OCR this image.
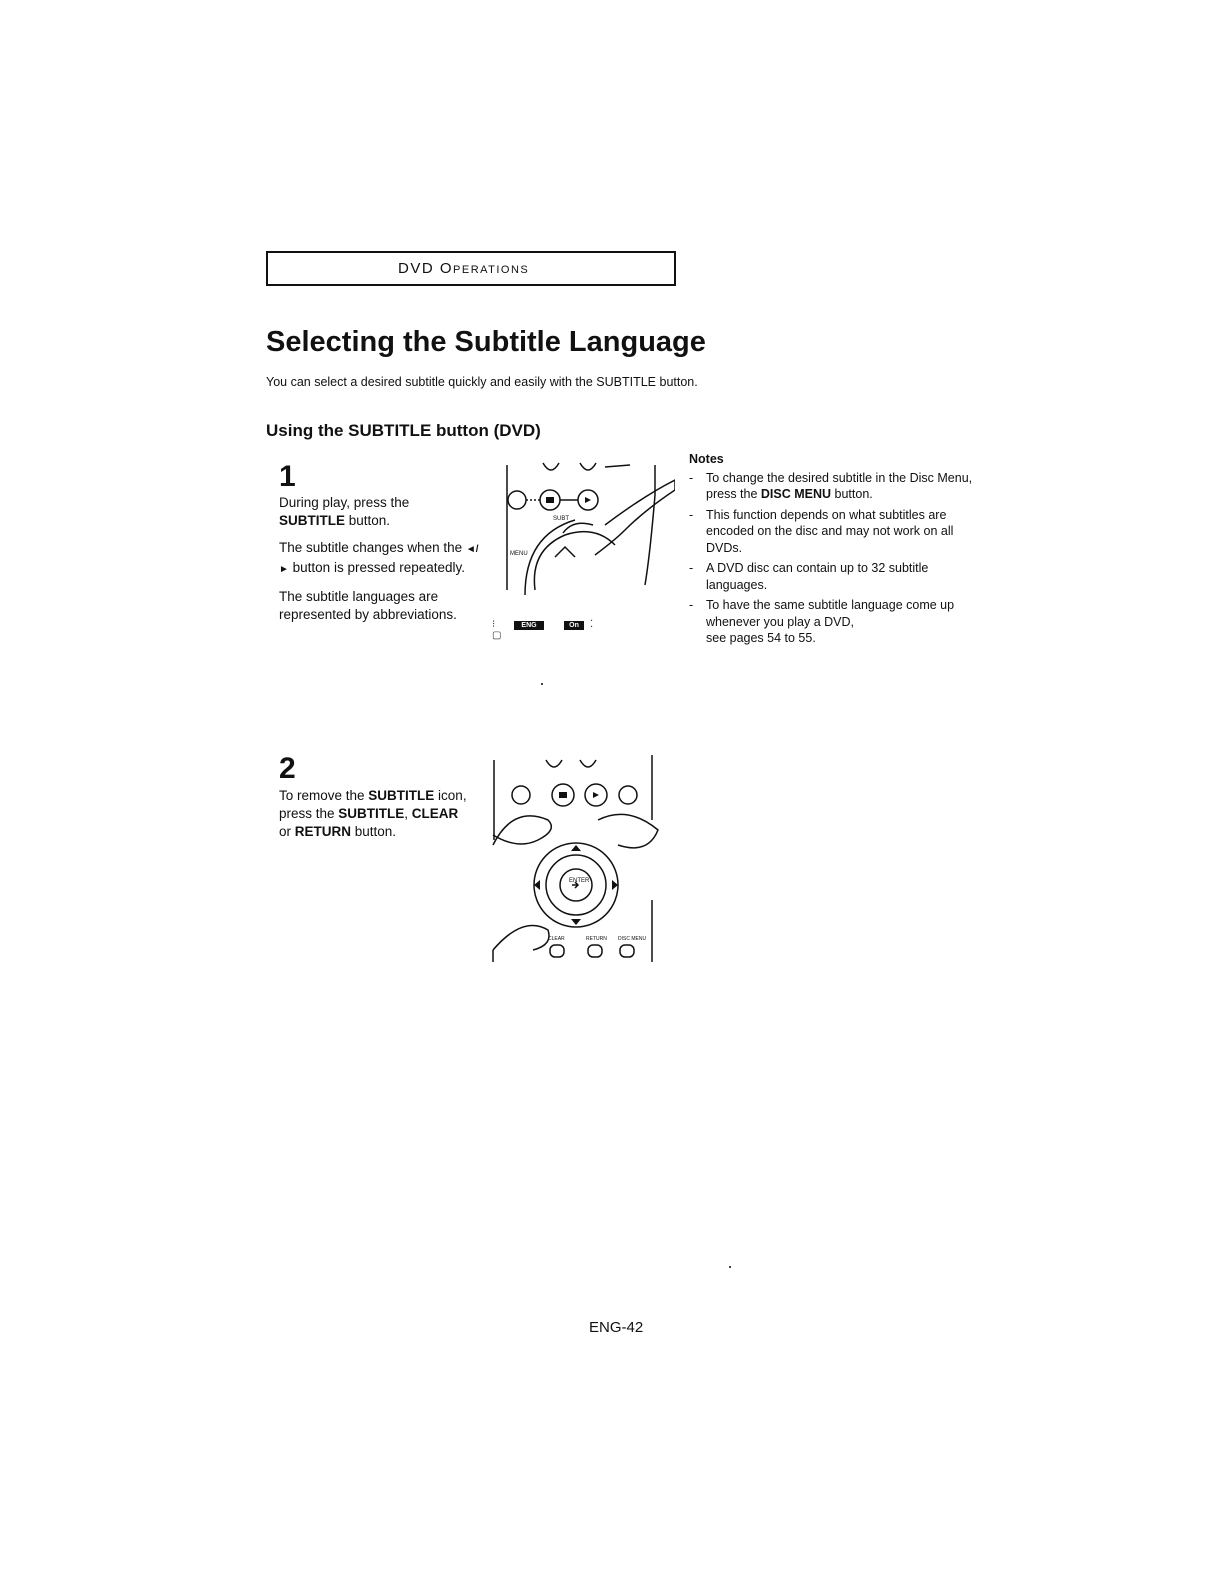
DVD OPERATIONS
Selecting the Subtitle Language
You can select a desired subtitle quickly and easily with the SUBTITLE button.
Using the SUBTITLE button (DVD)
1

During play, press the
SUBTITLE button.

The subtitle changes when the ◄/► button is pressed repeatedly.

The subtitle languages are represented by abbreviations.

SUBT
MENU
⁝▢
ENG	On	⁚
Notes
- To change the desired subtitle in the Disc Menu, press the DISC MENU button.
- This function depends on what subtitles are encoded on the disc and may not work on all DVDs.
- A DVD disc can contain up to 32 subtitle languages.
- To have the same subtitle language come up whenever you play a DVD,
see pages 54 to 55.
2
To remove the SUBTITLE icon, press the SUBTITLE, CLEAR or RETURN button.
ENTER
CLEAR	RETURN DISC MENU
ENG-42
